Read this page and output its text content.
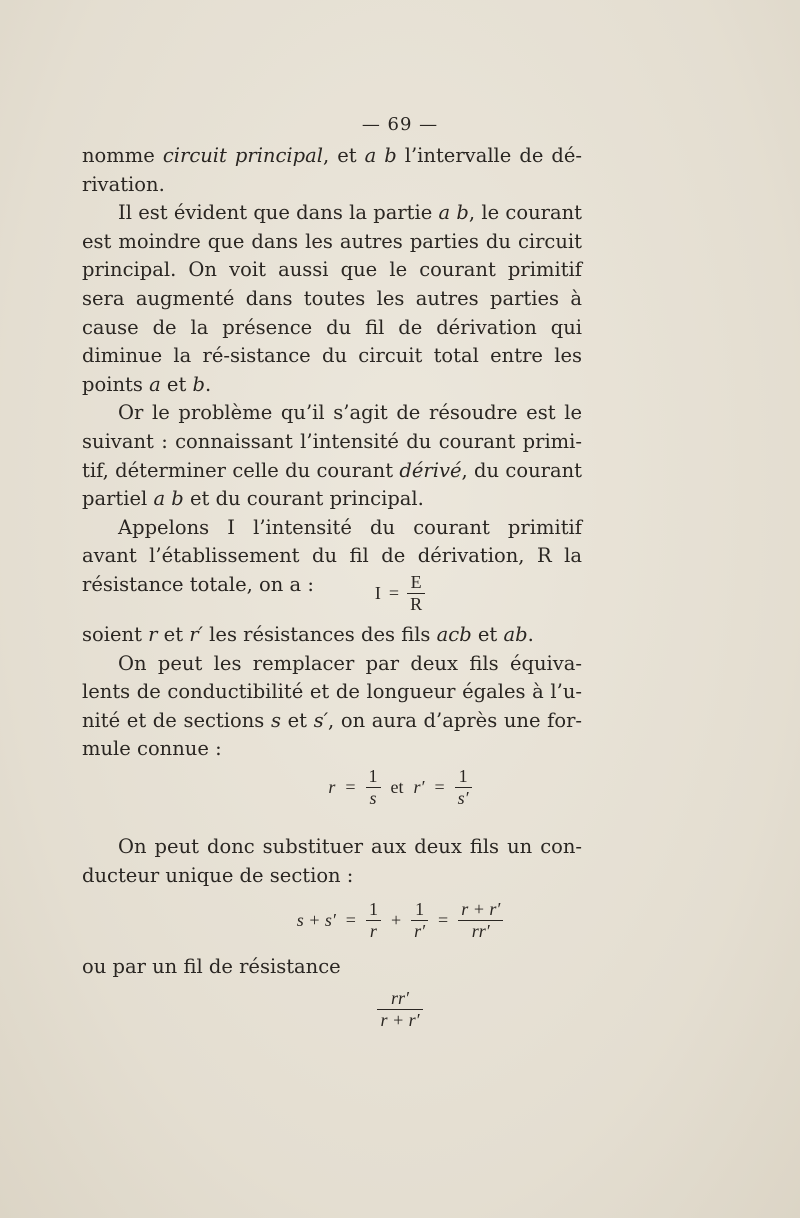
— 69 —

nomme circuit principal, et a b l’intervalle de dé-rivation.

Il est évident que dans la partie a b, le courant est moindre que dans les autres parties du circuit principal. On voit aussi que le courant primitif sera augmenté dans toutes les autres parties à cause de la présence du fil de dérivation qui diminue la ré-sistance du circuit total entre les points a et b.

Or le problème qu’il s’agit de résoudre est le suivant : connaissant l’intensité du courant primi-tif, déterminer celle du courant dérivé, du courant partiel a b et du courant principal.

Appelons I l’intensité du courant primitif avant l’établissement du fil de dérivation, R la résistance totale, on a :	$I = \frac{E}{R}$

soient r et r′ les résistances des fils acb et ab.

On peut les remplacer par deux fils équiva-lents de conductibilité et de longueur égales à l’u-nité et de sections s et s′, on aura d’après une for-mule connue :

$r = \frac{1}{s}$ et $r' = \frac{1}{s'}$

On peut donc substituer aux deux fils un con-ducteur unique de section :

$s + s' = \frac{1}{r} + \frac{1}{r'} = \frac{r + r'}{rr'}$

ou par un fil de résistance

$\frac{rr'}{r + r'}$
